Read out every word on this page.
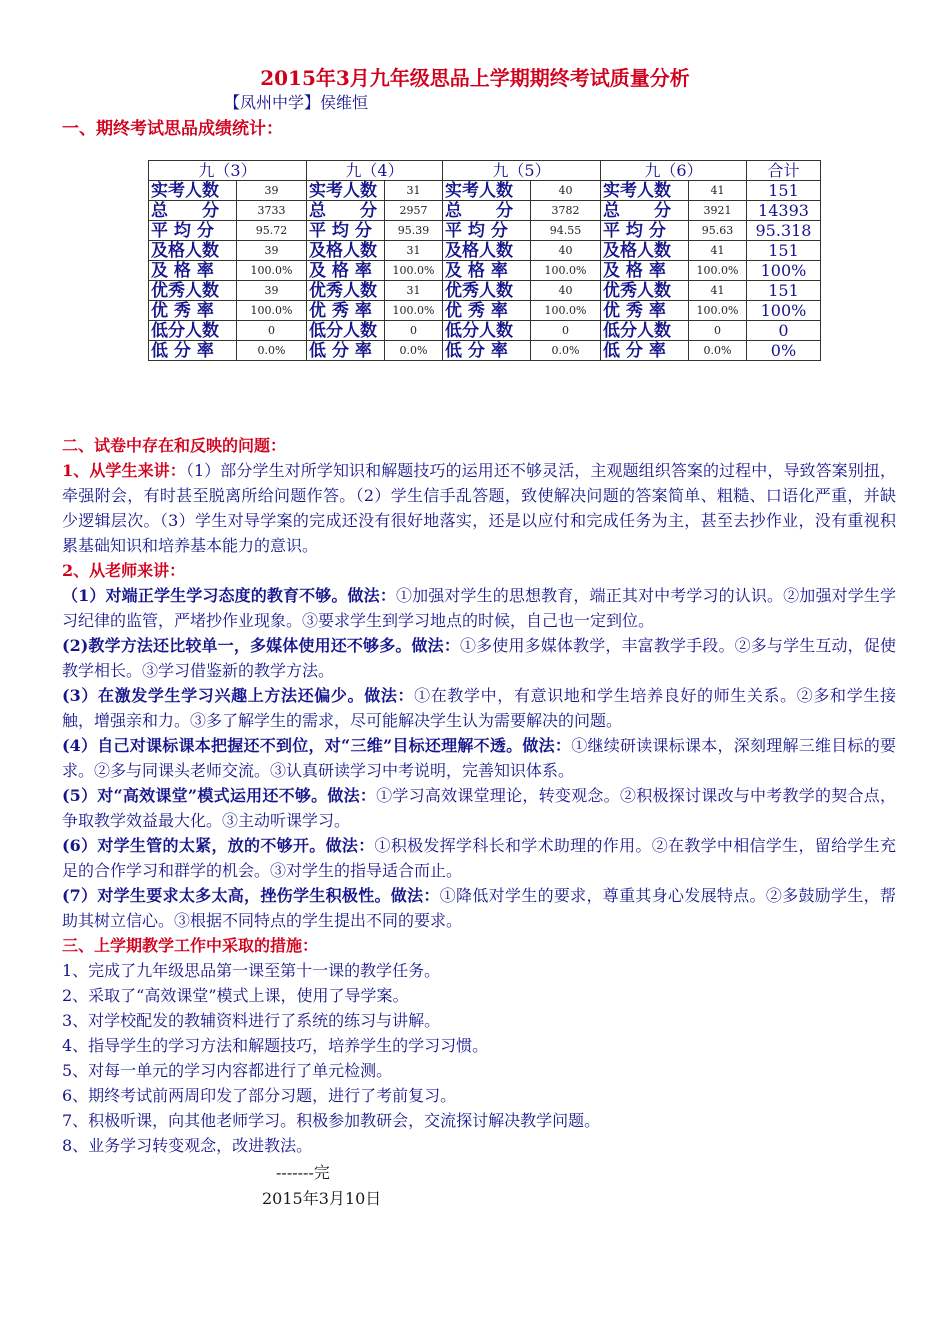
2015年3月九年级思品上学期期终考试质量分析
【凤州中学】侯维恒
一、期终考试思品成绩统计：
九（3）		九（4）		九（5）		九（6）		合计
实考人数	39	实考人数	31	实考人数	40	实考人数	41	151
总　　分	3733	总　　分	2957	总　　分	3782	总　　分	3921	14393
平 均 分	95.72	平 均 分	95.39	平 均 分	94.55	平 均 分	95.63	95.318
及格人数	39	及格人数	31	及格人数	40	及格人数	41	151
及 格 率	100.0%	及 格 率	100.0%	及 格 率	100.0%	及 格 率	100.0%	100%
优秀人数	39	优秀人数	31	优秀人数	40	优秀人数	41	151
优 秀 率	100.0%	优 秀 率	100.0%	优 秀 率	100.0%	优 秀 率	100.0%	100%
低分人数	0	低分人数	0	低分人数	0	低分人数	0	0
低 分 率	0.0%	低 分 率	0.0%	低 分 率	0.0%	低 分 率	0.0%	0%

二、试卷中存在和反映的问题：

1、从学生来讲：（1）部分学生对所学知识和解题技巧的运用还不够灵活，主观题组织答案的过程中，导致答案别扭，牵强附会，有时甚至脱离所给问题作答。（2）学生信手乱答题，致使解决问题的答案简单、粗糙、口语化严重，并缺少逻辑层次。（3）学生对导学案的完成还没有很好地落实，还是以应付和完成任务为主，甚至去抄作业，没有重视积累基础知识和培养基本能力的意识。

2、从老师来讲：

（1）对端正学生学习态度的教育不够。做法：①加强对学生的思想教育，端正其对中考学习的认识。②加强对学生学习纪律的监管，严堵抄作业现象。③要求学生到学习地点的时候，自己也一定到位。

(2)教学方法还比较单一，多媒体使用还不够多。做法：①多使用多媒体教学，丰富教学手段。②多与学生互动，促使教学相长。③学习借鉴新的教学方法。

(3）在激发学生学习兴趣上方法还偏少。做法：①在教学中，有意识地和学生培养良好的师生关系。②多和学生接触，增强亲和力。③多了解学生的需求，尽可能解决学生认为需要解决的问题。

(4）自己对课标课本把握还不到位，对“三维”目标还理解不透。做法：①继续研读课标课本，深刻理解三维目标的要求。②多与同课头老师交流。③认真研读学习中考说明，完善知识体系。

(5）对“高效课堂”模式运用还不够。做法：①学习高效课堂理论，转变观念。②积极探讨课改与中考教学的契合点，争取教学效益最大化。③主动听课学习。

(6）对学生管的太紧，放的不够开。做法：①积极发挥学科长和学术助理的作用。②在教学中相信学生，留给学生充足的合作学习和群学的机会。③对学生的指导适合而止。

(7）对学生要求太多太高，挫伤学生积极性。做法：①降低对学生的要求，尊重其身心发展特点。②多鼓励学生，帮助其树立信心。③根据不同特点的学生提出不同的要求。

三、上学期教学工作中采取的措施：

1、完成了九年级思品第一课至第十一课的教学任务。

2、采取了“高效课堂”模式上课，使用了导学案。

3、对学校配发的教辅资料进行了系统的练习与讲解。

4、指导学生的学习方法和解题技巧，培养学生的学习习惯。

5、对每一单元的学习内容都进行了单元检测。

6、期终考试前两周印发了部分习题，进行了考前复习。

7、积极听课，向其他老师学习。积极参加教研会，交流探讨解决教学问题。

8、业务学习转变观念，改进教法。

-------完
2015年3月10日
